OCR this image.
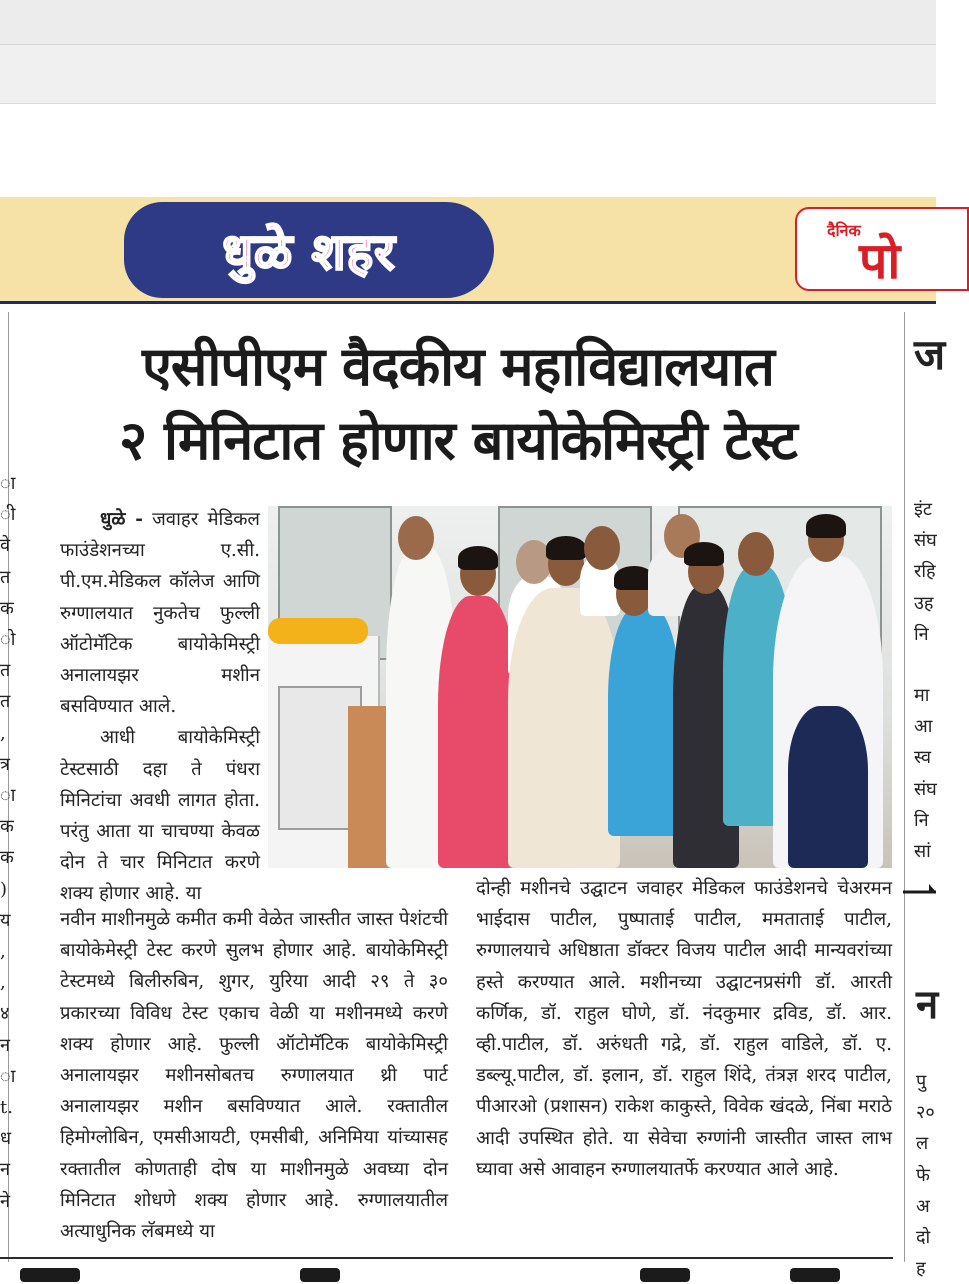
धुळे शहर	दैनिक
पो
एसीपीएम वैदकीय महाविद्यालयात
२ मिनिटात होणार बायोकेमिस्ट्री टेस्ट
ा
ी
वे
त
क
ो
त
त
,
त्र
ा
क
क
)
य
,
,
४
न
ा
t.
ध
न
ने

धुळे - जवाहर मेडिकल फाउंडेशनच्या ए.सी. पी.एम.मेडिकल कॉलेज आणि रुग्णालयात नुकतेच फुल्ली ऑटोमॅटिक बायोकेमिस्ट्री अनालायझर मशीन बसविण्यात आले.

आधी बायोकेमिस्ट्री टेस्टसाठी दहा ते पंधरा मिनिटांचा अवधी लागत होता. परंतु आता या चाचण्या केवळ दोन ते चार मिनिटात करणे शक्य होणार आहे. या

नवीन माशीनमुळे कमीत कमी वेळेत जास्तीत जास्त पेशंटची बायोकेमेस्ट्री टेस्ट करणे सुलभ होणार आहे. बायोकेमिस्ट्री टेस्टमध्ये बिलीरुबिन, शुगर, युरिया आदी २९ ते ३० प्रकारच्या विविध टेस्ट एकाच वेळी या मशीनमध्ये करणे शक्य होणार आहे. फुल्ली ऑटोमॅटिक बायोकेमिस्ट्री अनालायझर मशीनसोबतच रुग्णालयात थ्री पार्ट अनालायझर मशीन बसविण्यात आले. रक्तातील हिमोग्लोबिन, एमसीआयटी, एमसीबी, अनिमिया यांच्यासह रक्तातील कोणताही दोष या माशीनमुळे अवघ्या दोन मिनिटात शोधणे शक्य होणार आहे. रुग्णालयातील अत्याधुनिक लॅबमध्ये या

दोन्ही मशीनचे उद्घाटन जवाहर मेडिकल फाउंडेशनचे चेअरमन भाईदास पाटील, पुष्पाताई पाटील, ममताताई पाटील, रुग्णालयाचे अधिष्ठाता डॉक्टर विजय पाटील आदी मान्यवरांच्या हस्ते करण्यात आले. मशीनच्या उद्घाटनप्रसंगी डॉ. आरती कर्णिक, डॉ. राहुल घोणे, डॉ. नंदकुमार द्रविड, डॉ. आर. व्ही.पाटील, डॉ. अरुंधती गद्रे, डॉ. राहुल वाडिले, डॉ. ए. डब्ल्यू.पाटील, डॉ. इलान, डॉ. राहुल शिंदे, तंत्रज्ञ शरद पाटील, पीआरओ (प्रशासन) राकेश काकुस्ते, विवेक खंदळे, निंबा मराठे आदी उपस्थित होते. या सेवेचा रुग्णांनी जास्तीत जास्त लाभ घ्यावा असे आवाहन रुग्णालयातर्फे करण्यात आले आहे.

ज
इंट
संघ
रहि
उह
नि
मा
आ
स्व
संघ
नि
सां
न
पु
२०
ल
फे
अ
दो
ह
